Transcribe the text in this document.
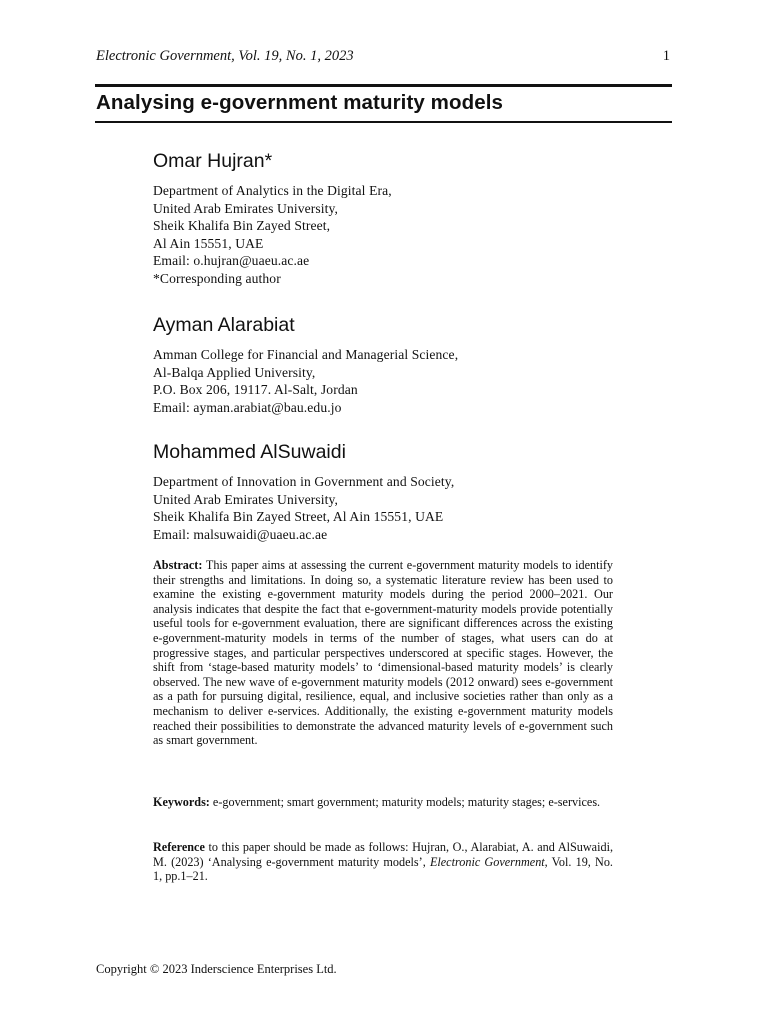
Electronic Government, Vol. 19, No. 1, 2023	1
Analysing e-government maturity models
Omar Hujran*
Department of Analytics in the Digital Era,
United Arab Emirates University,
Sheik Khalifa Bin Zayed Street,
Al Ain 15551, UAE
Email: o.hujran@uaeu.ac.ae
*Corresponding author
Ayman Alarabiat
Amman College for Financial and Managerial Science,
Al-Balqa Applied University,
P.O. Box 206, 19117. Al-Salt, Jordan
Email: ayman.arabiat@bau.edu.jo
Mohammed AlSuwaidi
Department of Innovation in Government and Society,
United Arab Emirates University,
Sheik Khalifa Bin Zayed Street, Al Ain 15551, UAE
Email: malsuwaidi@uaeu.ac.ae

Abstract: This paper aims at assessing the current e-government maturity models to identify their strengths and limitations. In doing so, a systematic literature review has been used to examine the existing e-government maturity models during the period 2000–2021. Our analysis indicates that despite the fact that e-government-maturity models provide potentially useful tools for e-government evaluation, there are significant differences across the existing e-government-maturity models in terms of the number of stages, what users can do at progressive stages, and particular perspectives underscored at specific stages. However, the shift from ‘stage-based maturity models’ to ‘dimensional-based maturity models’ is clearly observed. The new wave of e-government maturity models (2012 onward) sees e-government as a path for pursuing digital, resilience, equal, and inclusive societies rather than only as a mechanism to deliver e-services. Additionally, the existing e-government maturity models reached their possibilities to demonstrate the advanced maturity levels of e-government such as smart government.

Keywords: e-government; smart government; maturity models; maturity stages; e-services.

Reference to this paper should be made as follows: Hujran, O., Alarabiat, A. and AlSuwaidi, M. (2023) ‘Analysing e-government maturity models’, Electronic Government, Vol. 19, No. 1, pp.1–21.

Copyright © 2023 Inderscience Enterprises Ltd.
